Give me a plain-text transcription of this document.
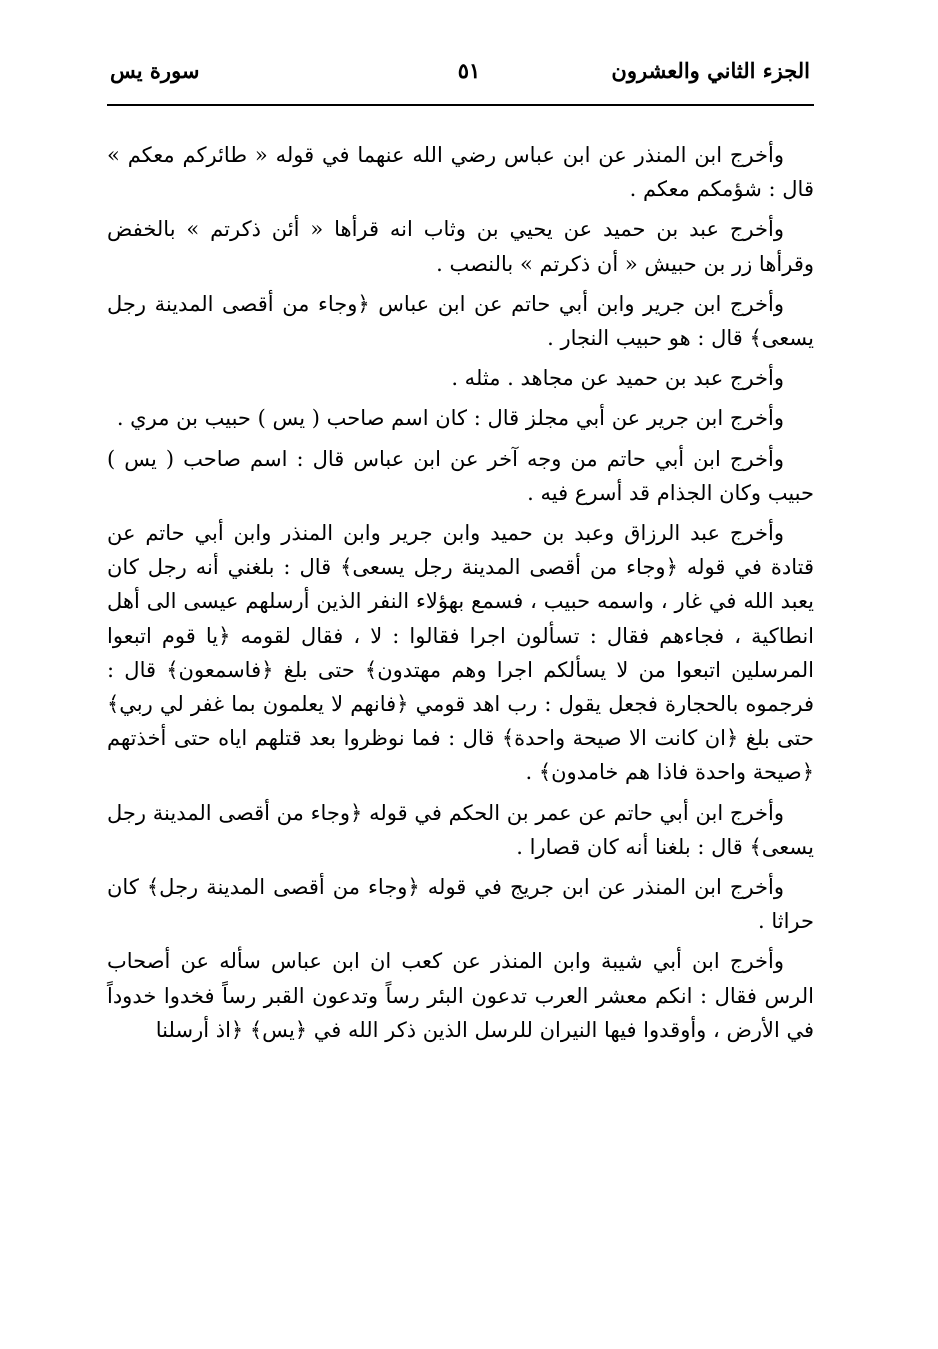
الجزء الثاني والعشرون
٥١
سورة يس

وأخرج ابن المنذر عن ابن عباس رضي الله عنهما في قوله « طائركم معكم » قال : شؤمكم معكم .

وأخرج عبد بن حميد عن يحيي بن وثاب انه قرأها « أئن ذكرتم » بالخفض وقرأها زر بن حبيش « أن ذكرتم » بالنصب .

وأخرج ابن جرير وابن أبي حاتم عن ابن عباس ﴿وجاء من أقصى المدينة رجل يسعى﴾ قال : هو حبيب النجار .

وأخرج عبد بن حميد عن مجاهد . مثله .

وأخرج ابن جرير عن أبي مجلز قال : كان اسم صاحب ( يس ) حبيب بن مري .

وأخرج ابن أبي حاتم من وجه آخر عن ابن عباس قال : اسم صاحب ( يس ) حبيب وكان الجذام قد أسرع فيه .

وأخرج عبد الرزاق وعبد بن حميد وابن جرير وابن المنذر وابن أبي حاتم عن قتادة في قوله ﴿وجاء من أقصى المدينة رجل يسعى﴾ قال : بلغني أنه رجل كان يعبد الله في غار ، واسمه حبيب ، فسمع بهؤلاء النفر الذين أرسلهم عيسى الى أهل انطاكية ، فجاءهم فقال : تسألون اجرا فقالوا : لا ، فقال لقومه ﴿يا قوم اتبعوا المرسلين اتبعوا من لا يسألكم اجرا وهم مهتدون﴾ حتى بلغ ﴿فاسمعون﴾ قال : فرجموه بالحجارة فجعل يقول : رب اهد قومي ﴿فانهم لا يعلمون بما غفر لي ربي﴾ حتى بلغ ﴿ان كانت الا صيحة واحدة﴾ قال : فما نوظروا بعد قتلهم اياه حتى أخذتهم ﴿صيحة واحدة فاذا هم خامدون﴾ .

وأخرج ابن أبي حاتم عن عمر بن الحكم في قوله ﴿وجاء من أقصى المدينة رجل يسعى﴾ قال : بلغنا أنه كان قصارا .

وأخرج ابن المنذر عن ابن جريج في قوله ﴿وجاء من أقصى المدينة رجل﴾ كان حراثا .

وأخرج ابن أبي شيبة وابن المنذر عن كعب ان ابن عباس سأله عن أصحاب الرس فقال : انكم معشر العرب تدعون البئر رساً وتدعون القبر رساً فخدوا خدوداً في الأرض ، وأوقدوا فيها النيران للرسل الذين ذكر الله في ﴿يس﴾ ﴿اذ أرسلنا
